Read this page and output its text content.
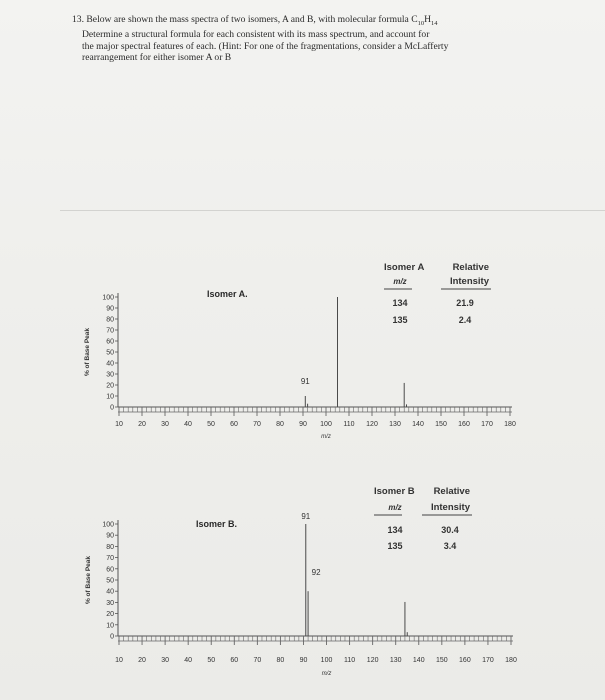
13. Below are shown the mass spectra of two isomers, A and B, with molecular formula $C_{10}H_{14}$
Determine a structural formula for each consistent with its mass spectrum, and account for
the major spectral features of each. (Hint: For one of the fragmentations, consider a McLafferty
rearrangement for either isomer A or B
100
90
80
70
60
50
40
30
20
10
0
% of Base Peak
10 20 30 40 50 60 70 80 90 100 110 120 130 140 150 160 170 180
m/z
Isomer A.
91
Isomer A	Relative
m/z	Intensity
134	21.9
135	2.4
100
90
80
70
60
50
40
30
20
10
0
% of Base Peak
10 20 30 40 50 60 70 80 90 100 110 120 130 140 150 160 170 180
m/z
Isomer B.
91
92
Isomer B Relative
m/z	Intensity
134	30.4
135	3.4
